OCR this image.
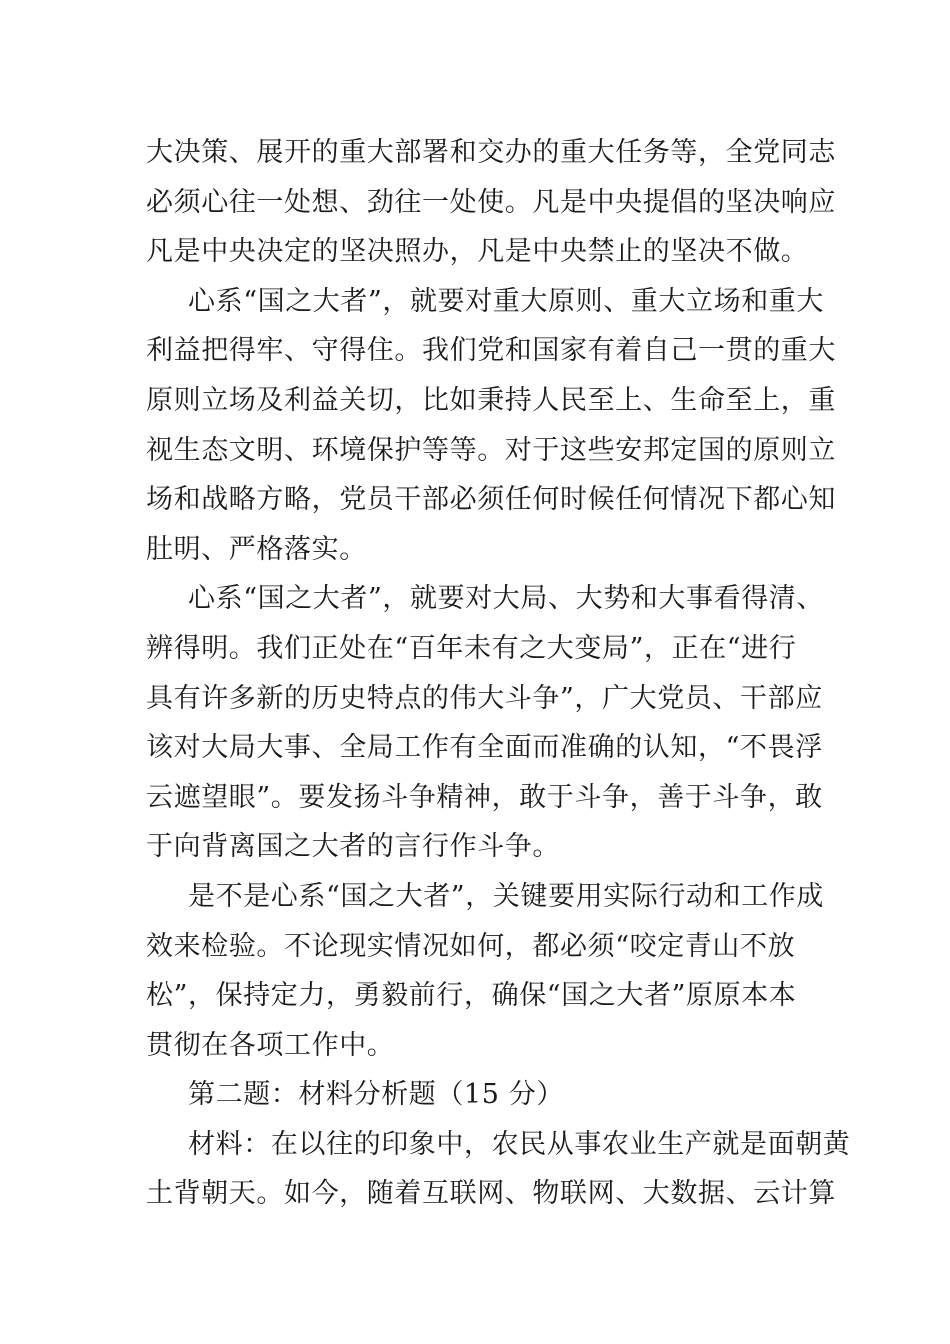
大决策、展开的重大部署和交办的重大任务等，全党同志
必须心往一处想、劲往一处使。凡是中央提倡的坚决响应
凡是中央决定的坚决照办，凡是中央禁止的坚决不做。
心系“国之大者”，就要对重大原则、重大立场和重大
利益把得牢、守得住。我们党和国家有着自己一贯的重大
原则立场及利益关切，比如秉持人民至上、生命至上，重
视生态文明、环境保护等等。对于这些安邦定国的原则立
场和战略方略，党员干部必须任何时候任何情况下都心知
肚明、严格落实。
心系“国之大者”，就要对大局、大势和大事看得清、
辨得明。我们正处在“百年未有之大变局”，正在“进行
具有许多新的历史特点的伟大斗争”，广大党员、干部应
该对大局大事、全局工作有全面而准确的认知，“不畏浮
云遮望眼”。要发扬斗争精神，敢于斗争，善于斗争，敢
于向背离国之大者的言行作斗争。
是不是心系“国之大者”，关键要用实际行动和工作成
效来检验。不论现实情况如何，都必须“咬定青山不放
松”，保持定力，勇毅前行，确保“国之大者”原原本本
贯彻在各项工作中。
第二题：材料分析题（15 分）
材料：在以往的印象中，农民从事农业生产就是面朝黄
土背朝天。如今，随着互联网、物联网、大数据、云计算
